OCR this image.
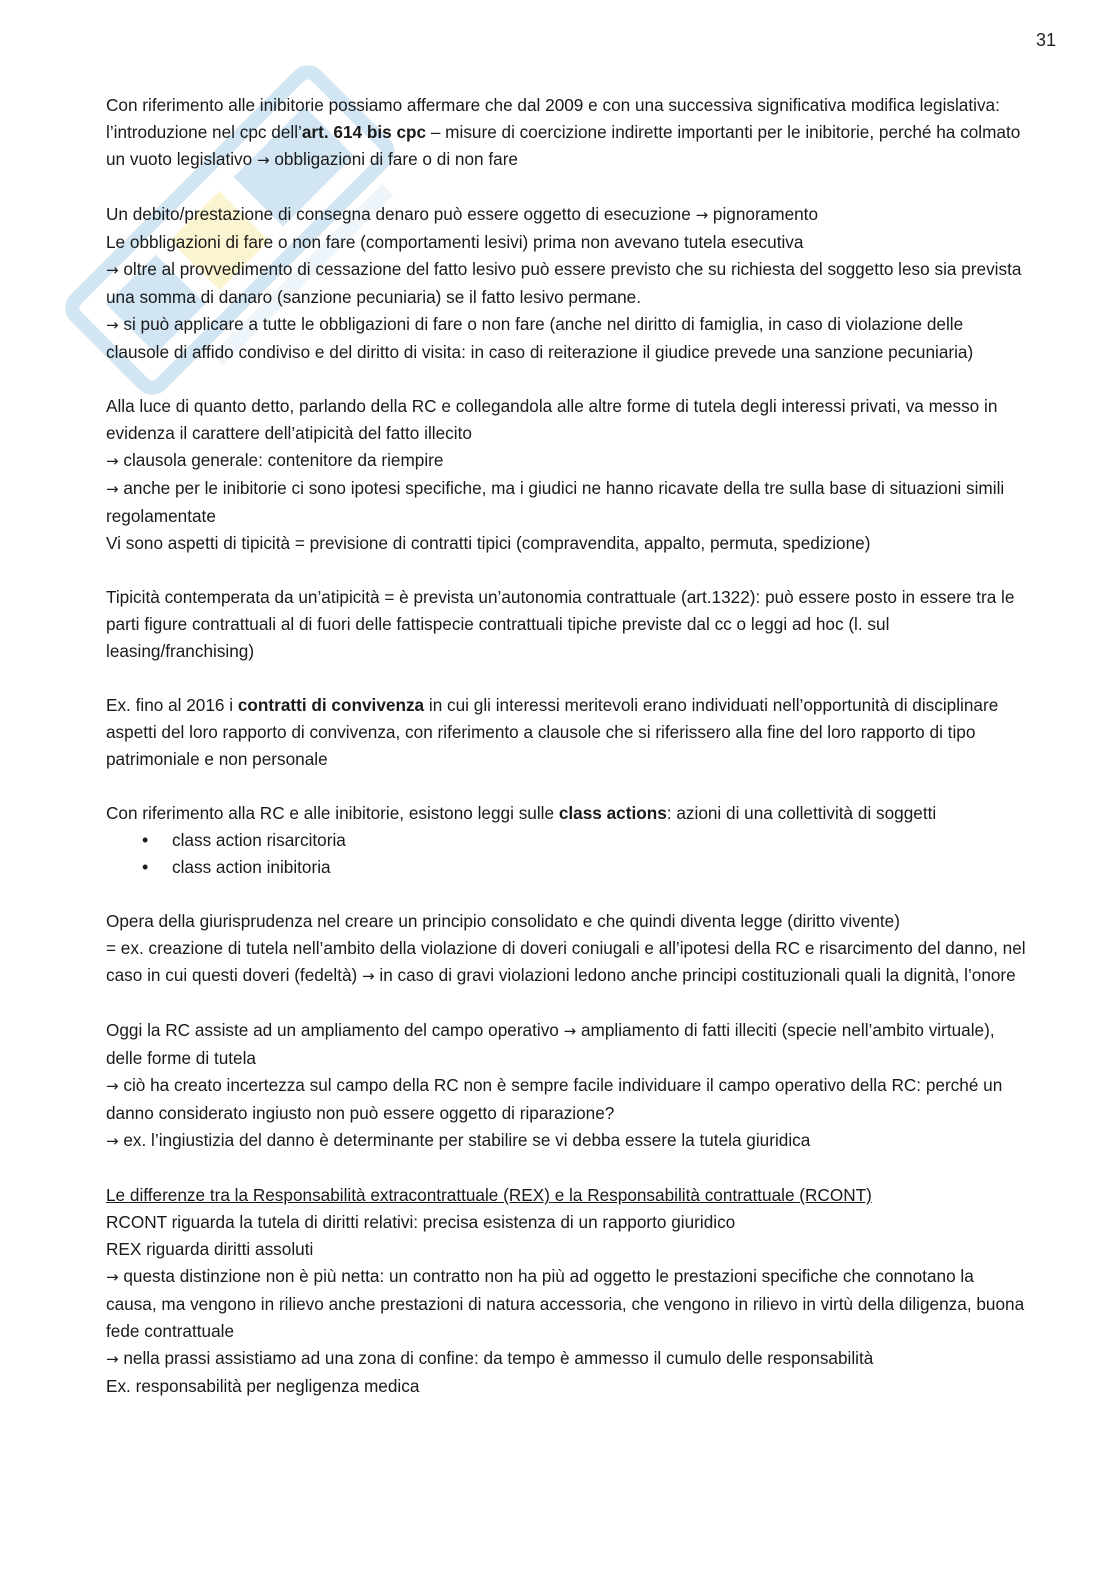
31

Con riferimento alle inibitorie possiamo affermare che dal 2009 e con una successiva significativa modifica legislativa: l’introduzione nel cpc dell’art. 614 bis cpc – misure di coercizione indirette importanti per le inibitorie, perché ha colmato un vuoto legislativo → obbligazioni di fare o di non fare

Un debito/prestazione di consegna denaro può essere oggetto di esecuzione → pignoramento
Le obbligazioni di fare o non fare (comportamenti lesivi) prima non avevano tutela esecutiva
→ oltre al provvedimento di cessazione del fatto lesivo può essere previsto che su richiesta del soggetto leso sia prevista una somma di danaro (sanzione pecuniaria) se il fatto lesivo permane.
→ si può applicare a tutte le obbligazioni di fare o non fare (anche nel diritto di famiglia, in caso di violazione delle clausole di affido condiviso e del diritto di visita: in caso di reiterazione il giudice prevede una sanzione pecuniaria)

Alla luce di quanto detto, parlando della RC e collegandola alle altre forme di tutela degli interessi privati, va messo in evidenza il carattere dell’atipicità del fatto illecito
→ clausola generale: contenitore da riempire
→ anche per le inibitorie ci sono ipotesi specifiche, ma i giudici ne hanno ricavate della tre sulla base di situazioni simili regolamentate
Vi sono aspetti di tipicità = previsione di contratti tipici (compravendita, appalto, permuta, spedizione)

Tipicità contemperata da un’atipicità = è prevista un’autonomia contrattuale (art.1322): può essere posto in essere tra le parti figure contrattuali al di fuori delle fattispecie contrattuali tipiche previste dal cc o leggi ad hoc (l. sul leasing/franchising)

Ex. fino al 2016 i contratti di convivenza in cui gli interessi meritevoli erano individuati nell’opportunità di disciplinare aspetti del loro rapporto di convivenza, con riferimento a clausole che si riferissero alla fine del loro rapporto di tipo patrimoniale e non personale

Con riferimento alla RC e alle inibitorie, esistono leggi sulle class actions: azioni di una collettività di soggetti
• class action risarcitoria
• class action inibitoria

Opera della giurisprudenza nel creare un principio consolidato e che quindi diventa legge (diritto vivente)
= ex. creazione di tutela nell’ambito della violazione di doveri coniugali e all’ipotesi della RC e risarcimento del danno, nel caso in cui questi doveri (fedeltà) → in caso di gravi violazioni ledono anche principi costituzionali quali la dignità, l’onore

Oggi la RC assiste ad un ampliamento del campo operativo → ampliamento di fatti illeciti (specie nell’ambito virtuale), delle forme di tutela
→ ciò ha creato incertezza sul campo della RC non è sempre facile individuare il campo operativo della RC: perché un danno considerato ingiusto non può essere oggetto di riparazione?
→ ex. l’ingiustizia del danno è determinante per stabilire se vi debba essere la tutela giuridica

Le differenze tra la Responsabilità extracontrattuale (REX) e la Responsabilità contrattuale (RCONT)
RCONT riguarda la tutela di diritti relativi: precisa esistenza di un rapporto giuridico
REX riguarda diritti assoluti
→ questa distinzione non è più netta: un contratto non ha più ad oggetto le prestazioni specifiche che connotano la causa, ma vengono in rilievo anche prestazioni di natura accessoria, che vengono in rilievo in virtù della diligenza, buona fede contrattuale
→ nella prassi assistiamo ad una zona di confine: da tempo è ammesso il cumulo delle responsabilità
Ex. responsabilità per negligenza medica
